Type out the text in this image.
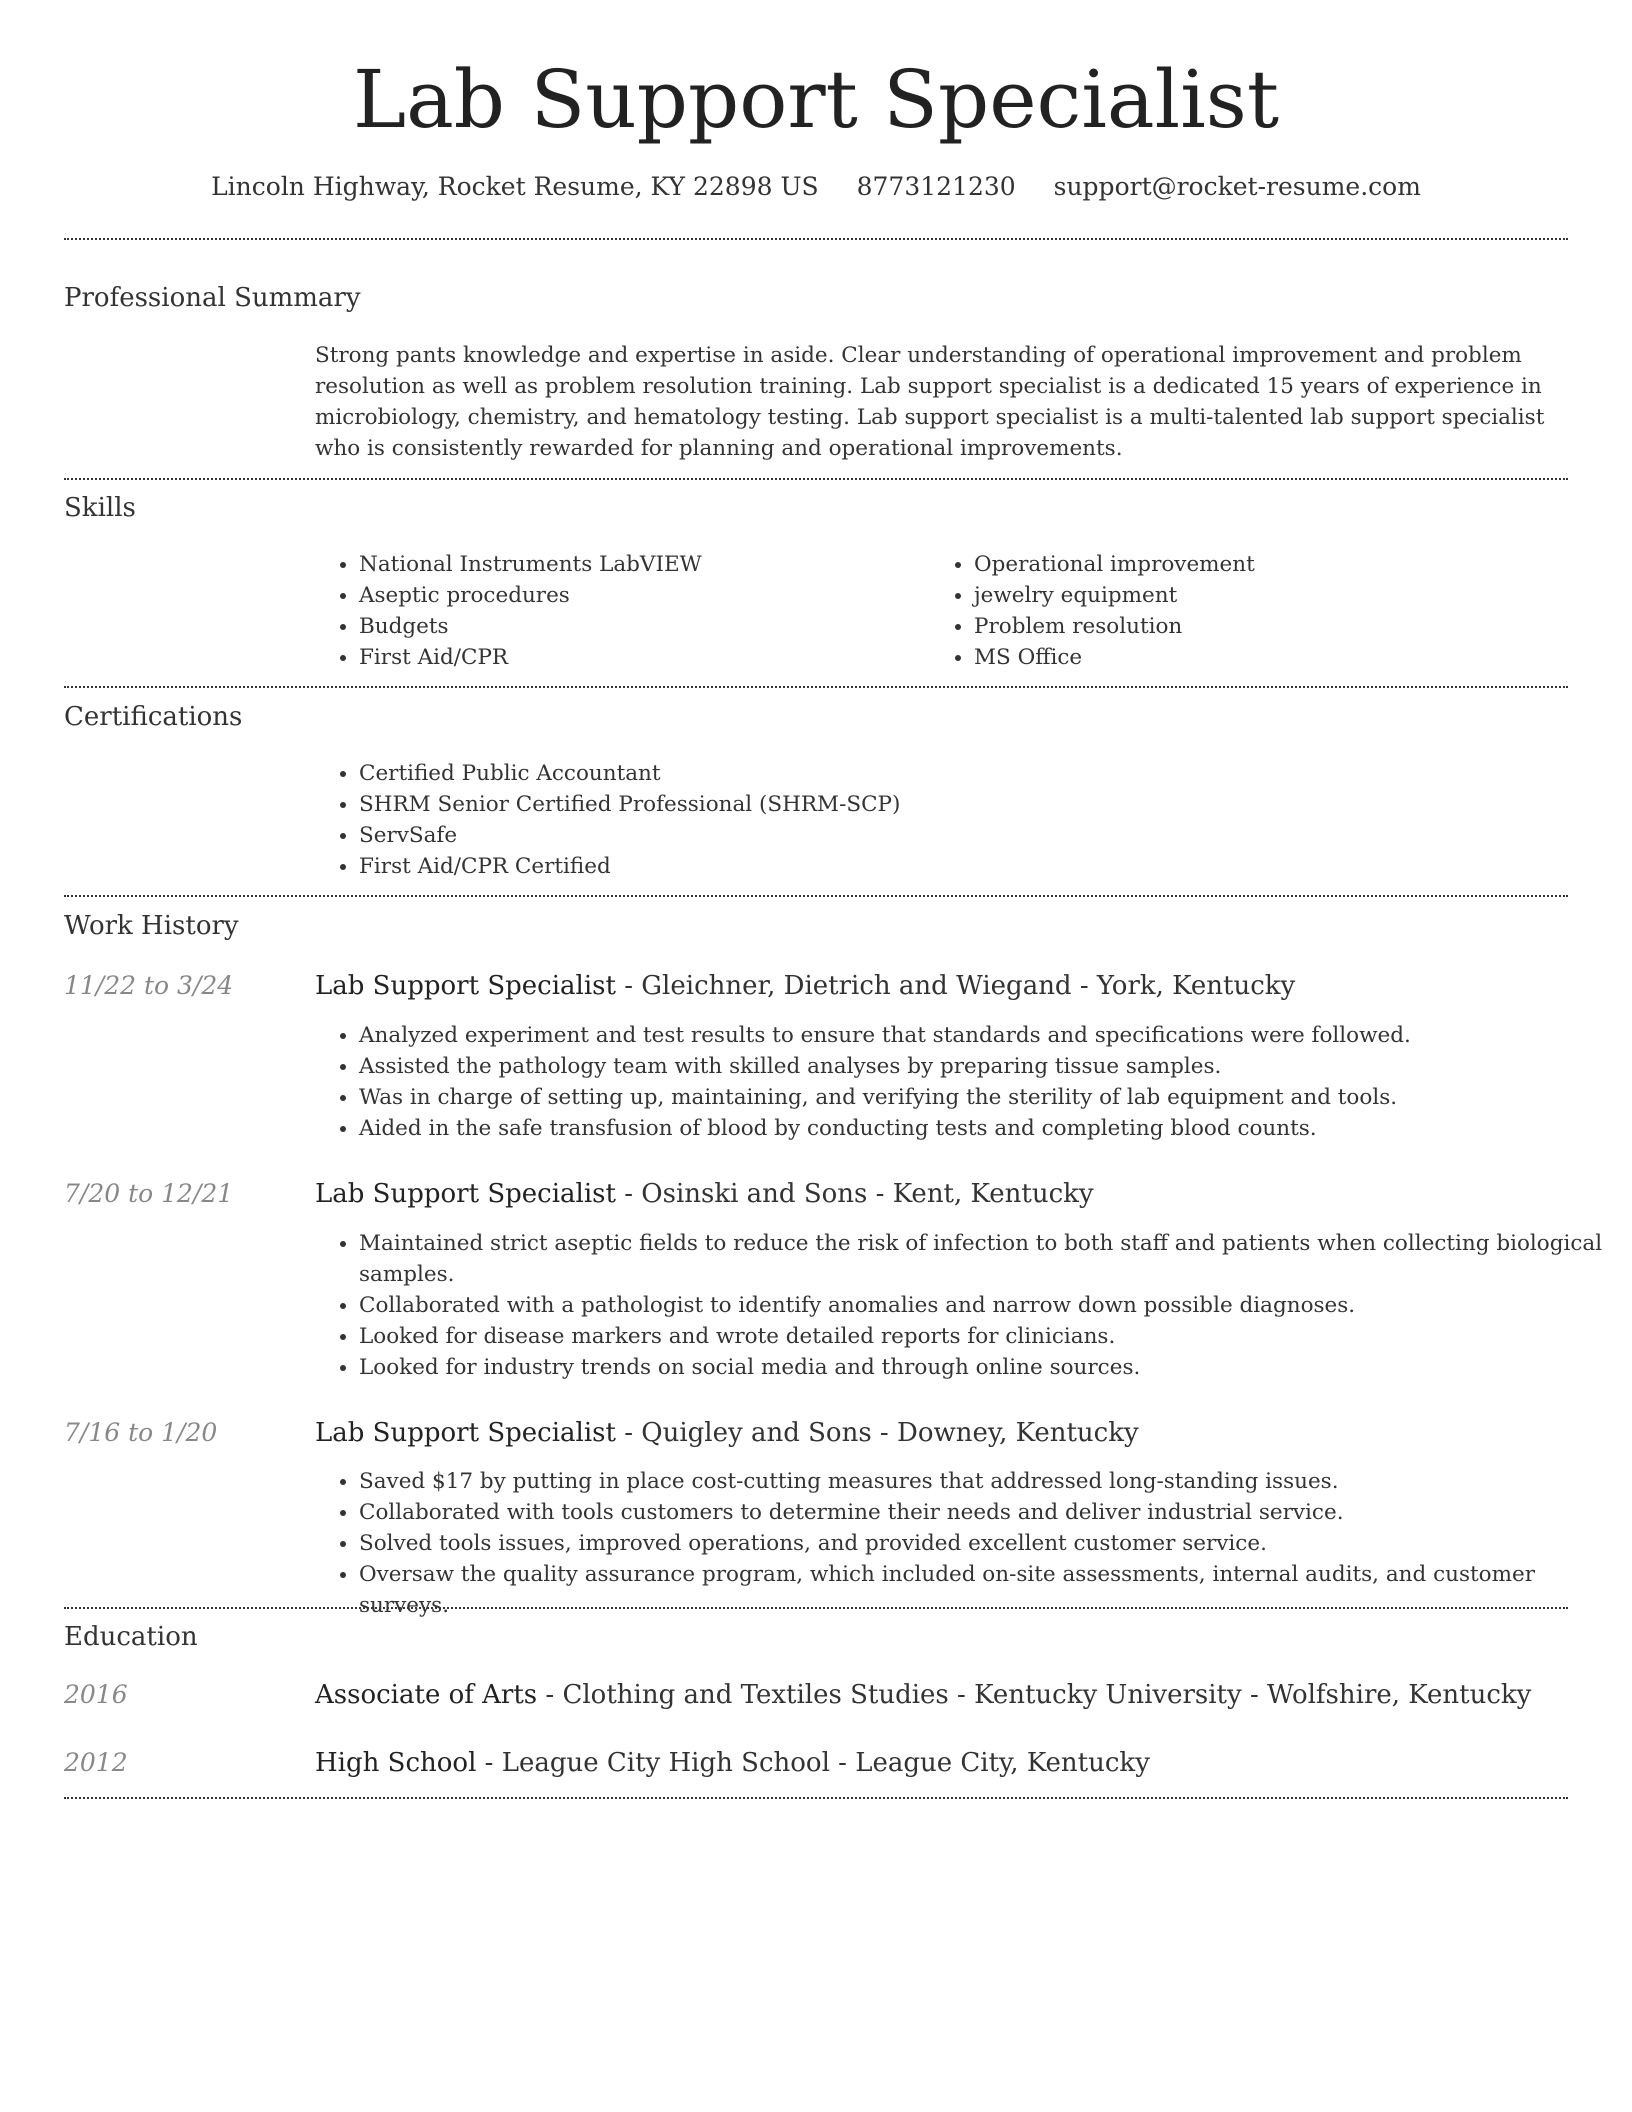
Lab Support Specialist
Lincoln Highway, Rocket Resume, KY 22898 US 8773121230 support@rocket-resume.com
Professional Summary
Strong pants knowledge and expertise in aside. Clear understanding of operational improvement and problem resolution as well as problem resolution training. Lab support specialist is a dedicated 15 years of experience in microbiology, chemistry, and hematology testing. Lab support specialist is a multi-talented lab support specialist who is consistently rewarded for planning and operational improvements.
Skills
• National Instruments LabVIEW
• Aseptic procedures
• Budgets
• First Aid/CPR
• Operational improvement
• jewelry equipment
• Problem resolution
• MS Office
Certifications
• Certified Public Accountant
• SHRM Senior Certified Professional (SHRM-SCP)
• ServSafe
• First Aid/CPR Certified
Work History
11/22 to 3/24	Lab Support Specialist - Gleichner, Dietrich and Wiegand - York, Kentucky
• Analyzed experiment and test results to ensure that standards and specifications were followed.
• Assisted the pathology team with skilled analyses by preparing tissue samples.
• Was in charge of setting up, maintaining, and verifying the sterility of lab equipment and tools.
• Aided in the safe transfusion of blood by conducting tests and completing blood counts.
7/20 to 12/21	Lab Support Specialist - Osinski and Sons - Kent, Kentucky
• Maintained strict aseptic fields to reduce the risk of infection to both staff and patients when collecting biological samples.
• Collaborated with a pathologist to identify anomalies and narrow down possible diagnoses.
• Looked for disease markers and wrote detailed reports for clinicians.
• Looked for industry trends on social media and through online sources.
7/16 to 1/20	Lab Support Specialist - Quigley and Sons - Downey, Kentucky
• Saved $17 by putting in place cost-cutting measures that addressed long-standing issues.
• Collaborated with tools customers to determine their needs and deliver industrial service.
• Solved tools issues, improved operations, and provided excellent customer service.
• Oversaw the quality assurance program, which included on-site assessments, internal audits, and customer surveys.
Education
2016	Associate of Arts - Clothing and Textiles Studies - Kentucky University - Wolfshire, Kentucky
2012	High School - League City High School - League City, Kentucky
